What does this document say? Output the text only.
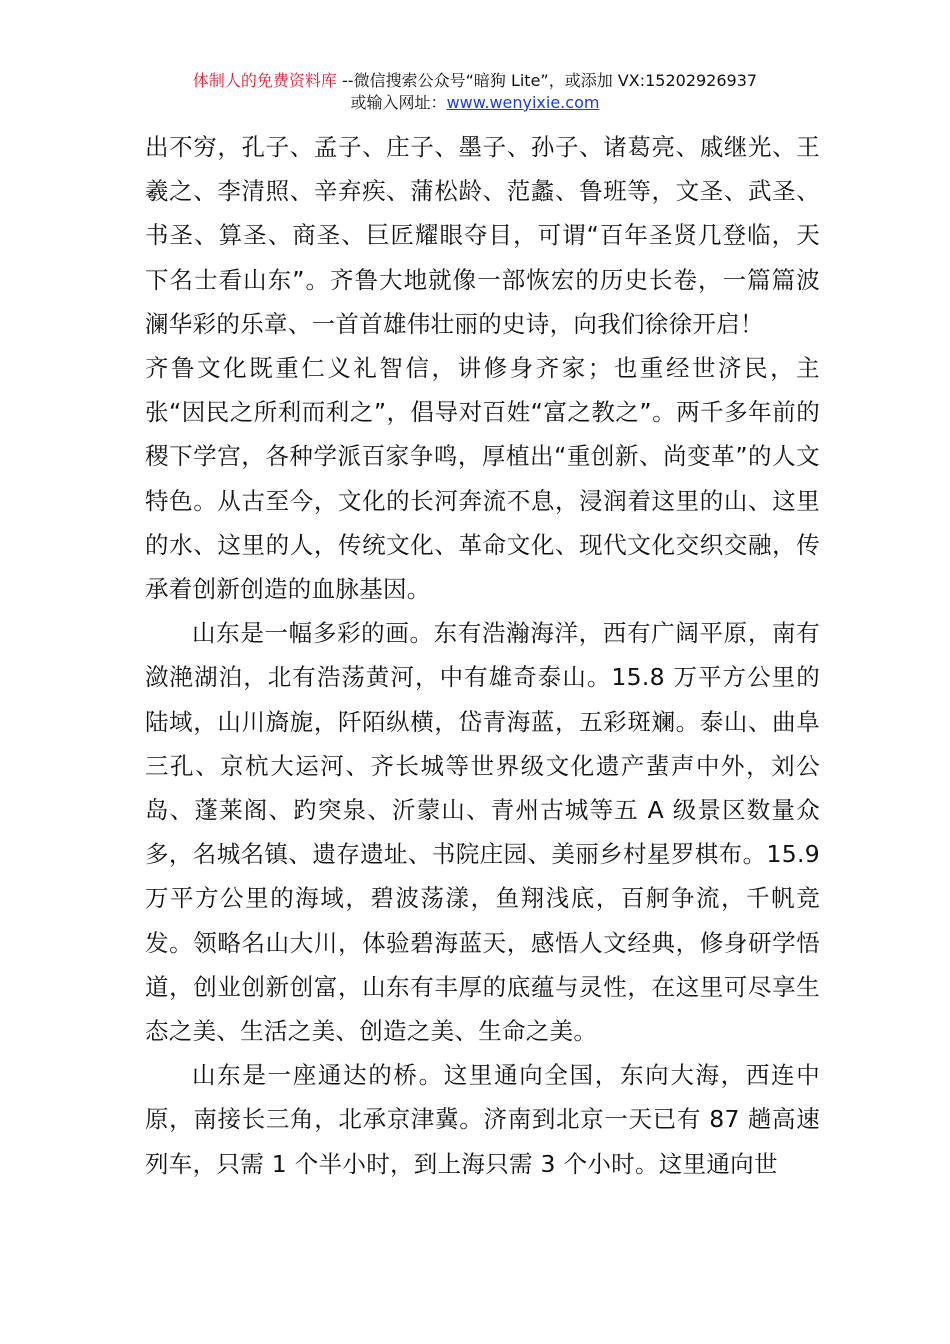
体制人的免费资料库 --微信搜索公众号“暗狗 Lite”，或添加 VX:15202926937
或输入网址：www.wenyixie.com

出不穷，孔子、孟子、庄子、墨子、孙子、诸葛亮、戚继光、王羲之、李清照、辛弃疾、蒲松龄、范蠡、鲁班等，文圣、武圣、书圣、算圣、商圣、巨匠耀眼夺目，可谓“百年圣贤几登临，天下名士看山东”。齐鲁大地就像一部恢宏的历史长卷，一篇篇波澜华彩的乐章、一首首雄伟壮丽的史诗，向我们徐徐开启！

齐鲁文化既重仁义礼智信，讲修身齐家；也重经世济民，主张“因民之所利而利之”，倡导对百姓“富之教之”。两千多年前的稷下学宫，各种学派百家争鸣，厚植出“重创新、尚变革”的人文特色。从古至今，文化的长河奔流不息，浸润着这里的山、这里的水、这里的人，传统文化、革命文化、现代文化交织交融，传承着创新创造的血脉基因。

山东是一幅多彩的画。东有浩瀚海洋，西有广阔平原，南有潋滟湖泊，北有浩荡黄河，中有雄奇泰山。15.8 万平方公里的陆域，山川旖旎，阡陌纵横，岱青海蓝，五彩斑斓。泰山、曲阜三孔、京杭大运河、齐长城等世界级文化遗产蜚声中外，刘公岛、蓬莱阁、趵突泉、沂蒙山、青州古城等五 A 级景区数量众多，名城名镇、遗存遗址、书院庄园、美丽乡村星罗棋布。15.9 万平方公里的海域，碧波荡漾，鱼翔浅底，百舸争流，千帆竞发。领略名山大川，体验碧海蓝天，感悟人文经典，修身研学悟道，创业创新创富，山东有丰厚的底蕴与灵性，在这里可尽享生态之美、生活之美、创造之美、生命之美。

山东是一座通达的桥。这里通向全国，东向大海，西连中原，南接长三角，北承京津冀。济南到北京一天已有 87 趟高速列车，只需 1 个半小时，到上海只需 3 个小时。这里通向世
